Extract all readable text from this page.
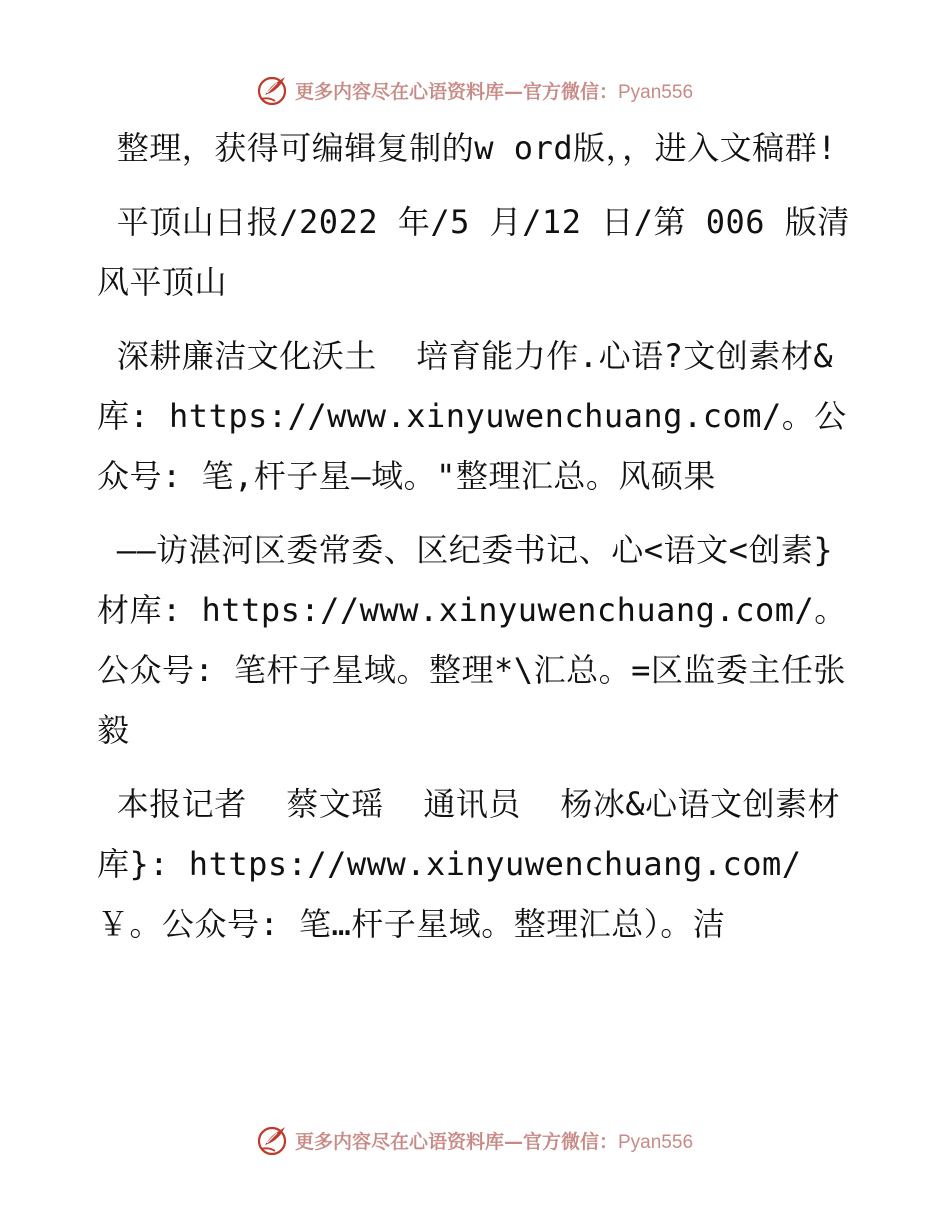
更多内容尽在心语资料库—官方微信：Pyan556

整理，获得可编辑复制的w ord版，，进入文稿群!

平顶山日报/2022 年/5 月/12 日/第 006 版清风平顶山

深耕廉洁文化沃土  培育能力作.心语?文创素材&库: https://www.xinyuwenchuang.com/。公众号: 笔,杆子星—域。"整理汇总。风硕果

——访湛河区委常委、区纪委书记、心<语文<创素}材库: https://www.xinyuwenchuang.com/。公众号: 笔杆子星域。整理*\汇总。=区监委主任张毅

本报记者  蔡文瑶  通讯员  杨冰&心语文创素材库}: https://www.xinyuwenchuang.com/￥。公众号: 笔…杆子星域。整理汇总）。洁

更多内容尽在心语资料库—官方微信：Pyan556
